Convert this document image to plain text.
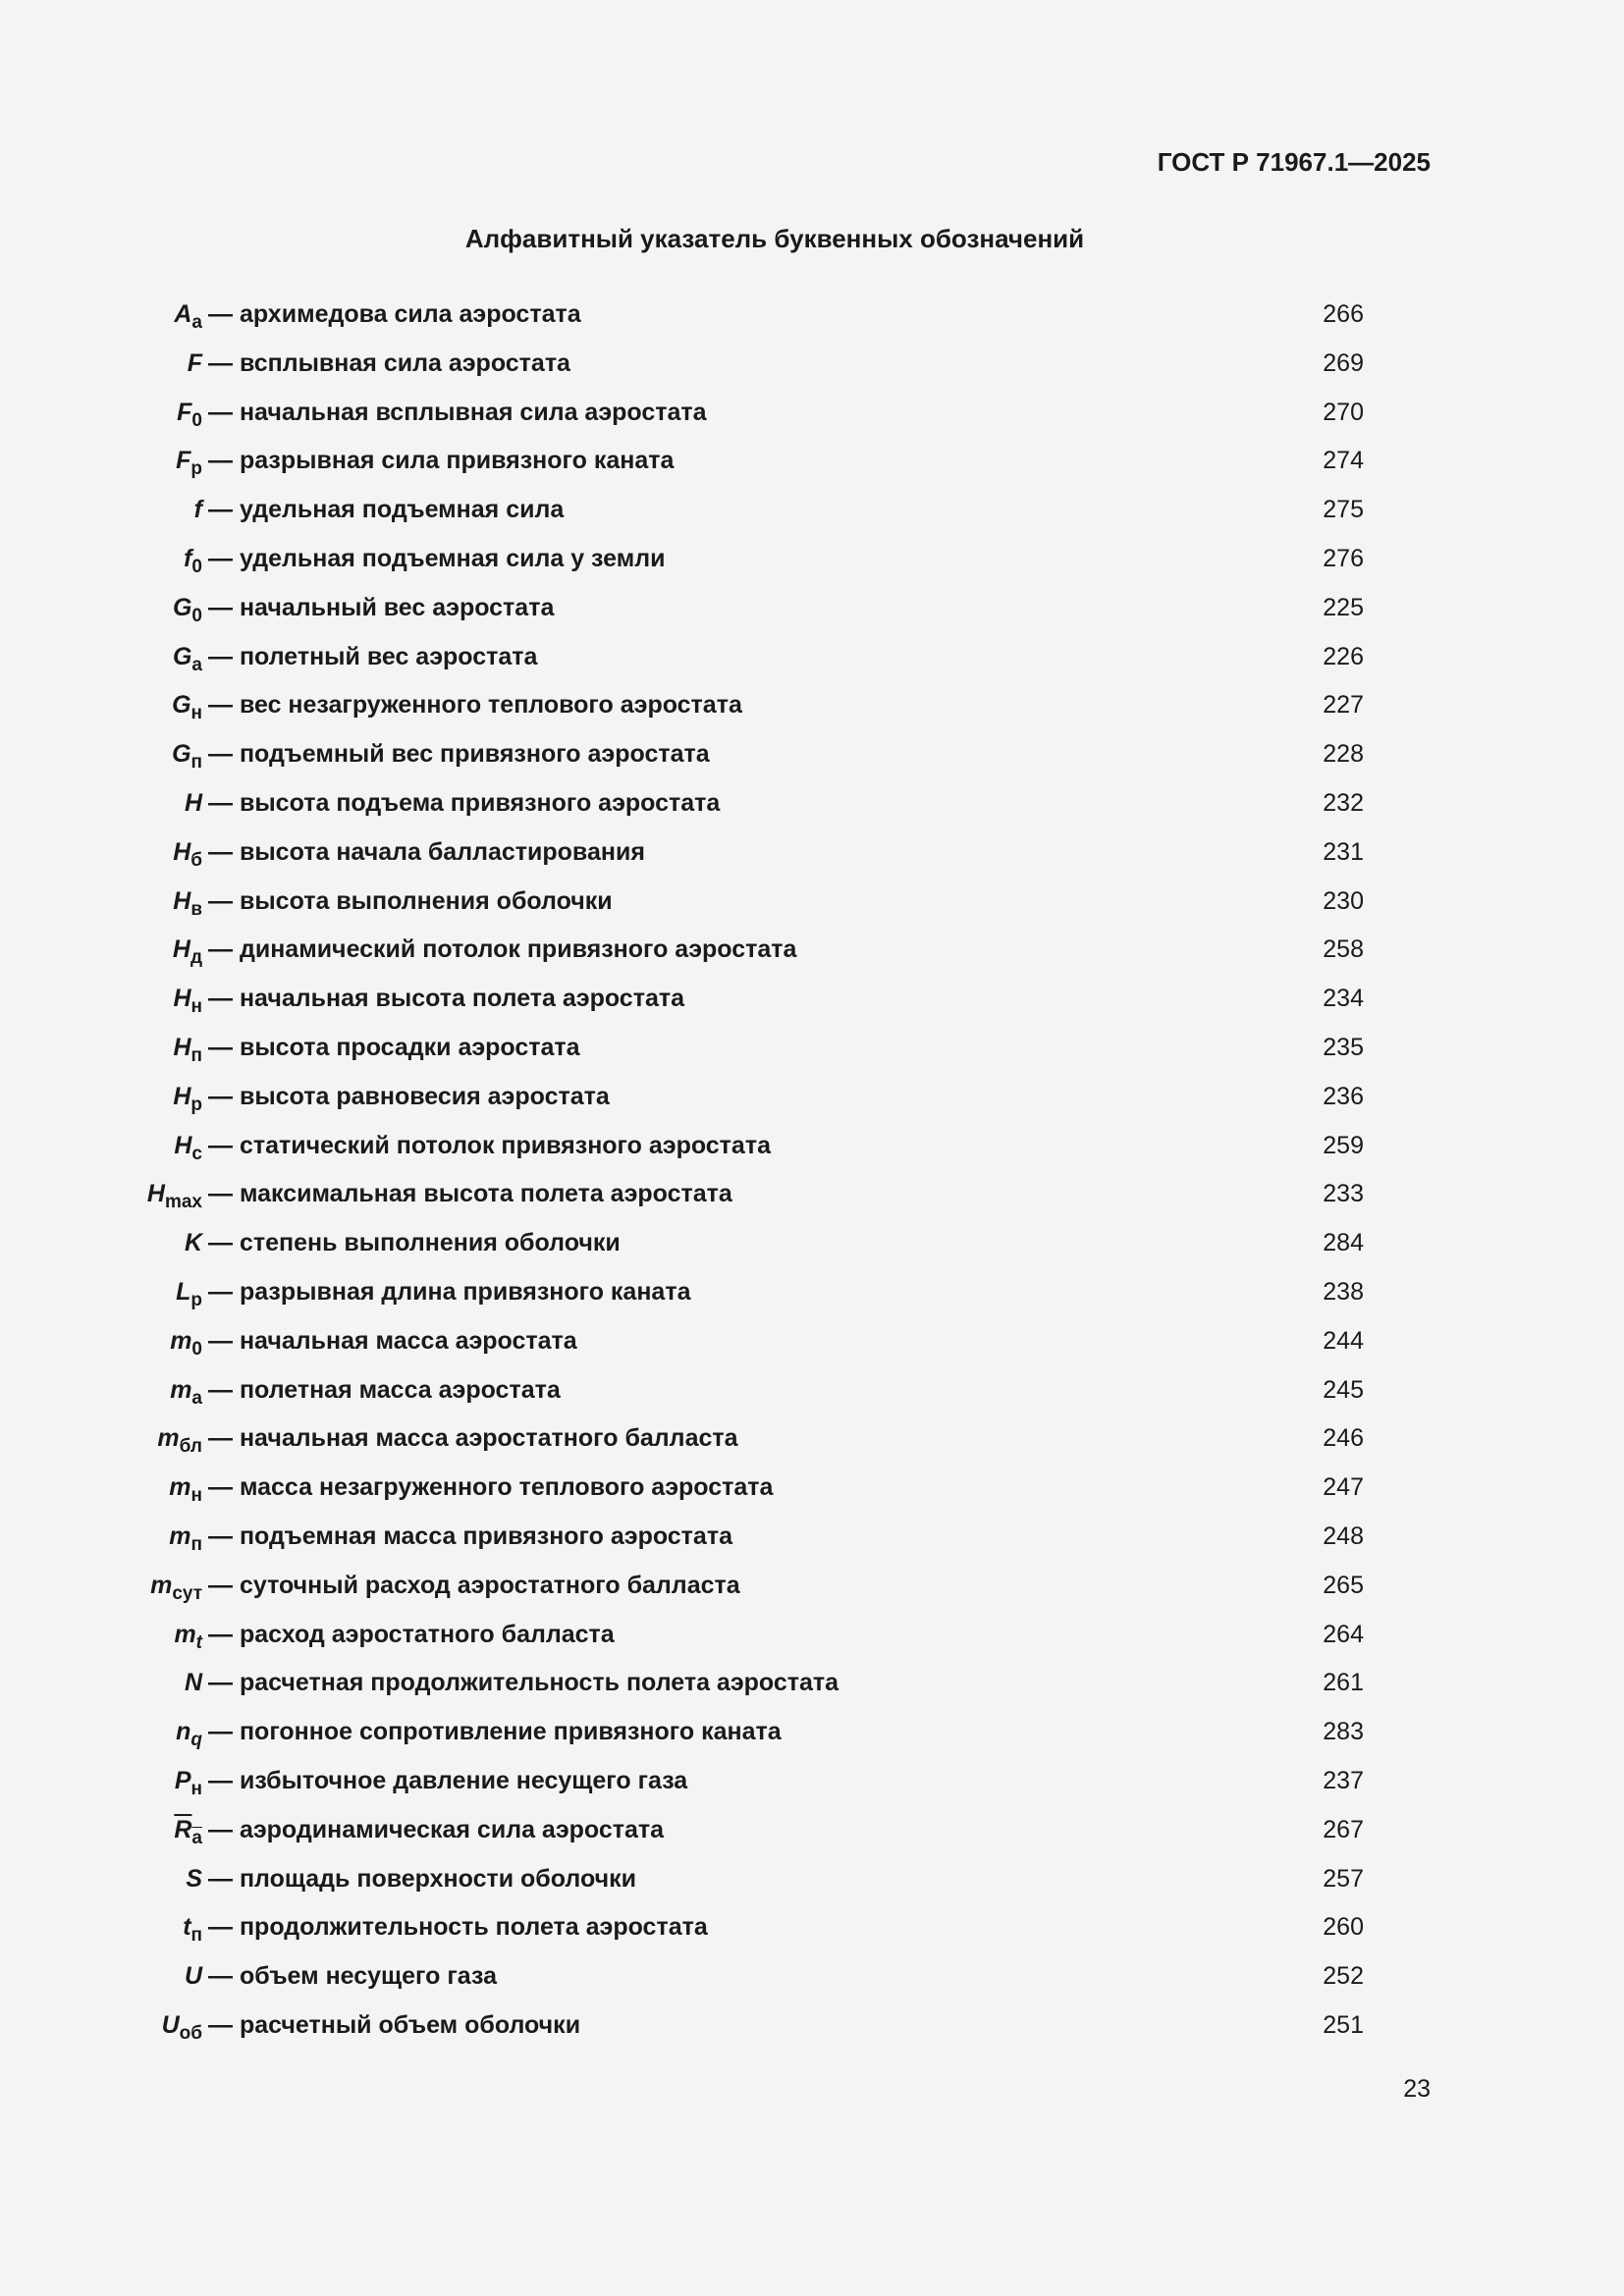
ГОСТ Р 71967.1—2025
Алфавитный указатель буквенных обозначений
$A_а$ — архимедова сила аэростата	266
F — всплывная сила аэростата	269
$F_0$ — начальная всплывная сила аэростата	270
$F_р$ — разрывная сила привязного каната	274
f — удельная подъемная сила	275
$f_0$ — удельная подъемная сила у земли	276
$G_0$ — начальный вес аэростата	225
$G_а$ — полетный вес аэростата	226
$G_н$ — вес незагруженного теплового аэростата	227
$G_п$ — подъемный вес привязного аэростата	228
H — высота подъема привязного аэростата	232
$H_б$ — высота начала балластирования	231
$H_в$ — высота выполнения оболочки	230
$H_д$ — динамический потолок привязного аэростата	258
$H_н$ — начальная высота полета аэростата	234
$H_п$ — высота просадки аэростата	235
$H_р$ — высота равновесия аэростата	236
$H_с$ — статический потолок привязного аэростата	259
$H_{max}$ — максимальная высота полета аэростата	233
K — степень выполнения оболочки	284
$L_р$ — разрывная длина привязного каната	238
$m_0$ — начальная масса аэростата	244
$m_а$ — полетная масса аэростата	245
$m_{бл}$ — начальная масса аэростатного балласта	246
$m_н$ — масса незагруженного теплового аэростата	247
$m_п$ — подъемная масса привязного аэростата	248
$m_{сут}$ — суточный расход аэростатного балласта	265
$m_t$ — расход аэростатного балласта	264
N — расчетная продолжительность полета аэростата	261
$n_q$ — погонное сопротивление привязного каната	283
$P_н$ — избыточное давление несущего газа	237
$\overline{R}_а$ — аэродинамическая сила аэростата	267
S — площадь поверхности оболочки	257
$t_п$ — продолжительность полета аэростата	260
U — объем несущего газа	252
$U_{об}$ — расчетный объем оболочки	251
23
